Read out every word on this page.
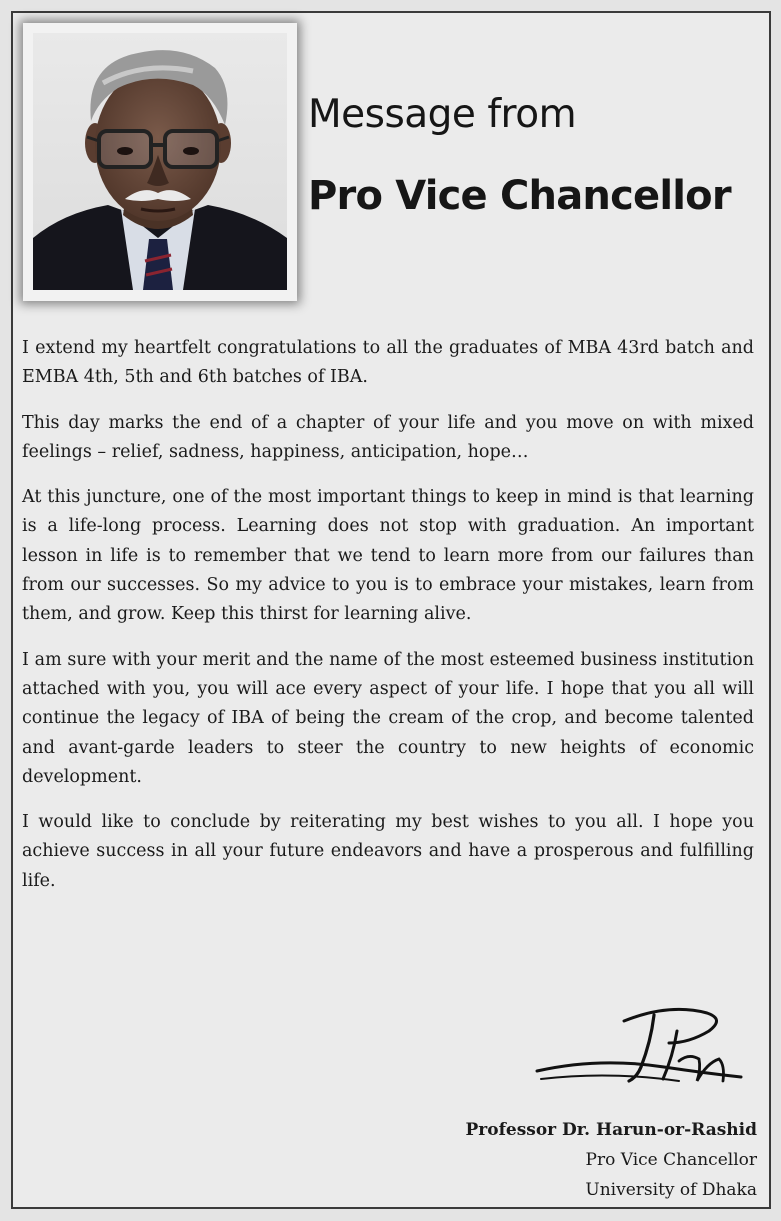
Message from
Pro Vice Chancellor

I extend my heartfelt congratulations to all the graduates of MBA 43rd batch and EMBA 4th, 5th and 6th batches of IBA.

This day marks the end of a chapter of your life and you move on with mixed feelings – relief, sadness, happiness, anticipation, hope…

At this juncture, one of the most important things to keep in mind is that learning is a life-long process. Learning does not stop with graduation. An important lesson in life is to remember that we tend to learn more from our failures than from our successes. So my advice to you is to embrace your mistakes, learn from them, and grow. Keep this thirst for learning alive.

I am sure with your merit and the name of the most esteemed business institution attached with you, you will ace every aspect of your life. I hope that you all will continue the legacy of IBA of being the cream of the crop, and become talented and avant-garde leaders to steer the country to new heights of economic development.

I would like to conclude by reiterating my best wishes to you all. I hope you achieve success in all your future endeavors and have a prosperous and fulfilling life.

Professor Dr. Harun-or-Rashid
Pro Vice Chancellor
University of Dhaka
